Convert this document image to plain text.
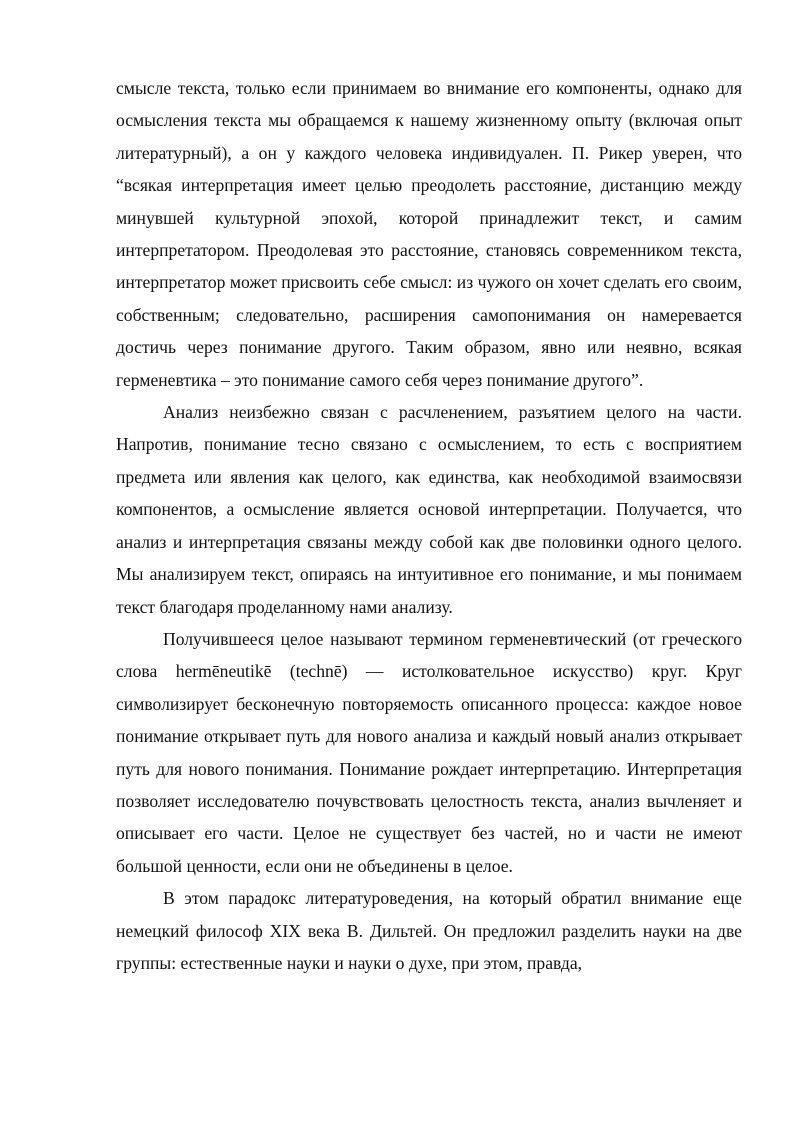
смысле текста, только если принимаем во внимание его компоненты, однако для осмысления текста мы обращаемся к нашему жизненному опыту (включая опыт литературный), а он у каждого человека индивидуален. П. Рикер уверен, что “всякая интерпретация имеет целью преодолеть расстояние, дистанцию между минувшей культурной эпохой, которой принадлежит текст, и самим интерпретатором. Преодолевая это расстояние, становясь современником текста, интерпретатор может присвоить себе смысл: из чужого он хочет сделать его своим, собственным; следовательно, расширения самопонимания он намеревается достичь через понимание другого. Таким образом, явно или неявно, всякая герменевтика – это понимание самого себя через понимание другого”.

Анализ неизбежно связан с расчленением, разъятием целого на части. Напротив, понимание тесно связано с осмыслением, то есть с восприятием предмета или явления как целого, как единства, как необходимой взаимосвязи компонентов, а осмысление является основой интерпретации. Получается, что анализ и интерпретация связаны между собой как две половинки одного целого. Мы анализируем текст, опираясь на интуитивное его понимание, и мы понимаем текст благодаря проделанному нами анализу.

Получившееся целое называют термином герменевтический (от греческого слова hermēneutikē (technē) — истолковательное искусство) круг. Круг символизирует бесконечную повторяемость описанного процесса: каждое новое понимание открывает путь для нового анализа и каждый новый анализ открывает путь для нового понимания. Понимание рождает интерпретацию. Интерпретация позволяет исследователю почувствовать целостность текста, анализ вычленяет и описывает его части. Целое не существует без частей, но и части не имеют большой ценности, если они не объединены в целое.

В этом парадокс литературоведения, на который обратил внимание еще немецкий философ XIX века В. Дильтей. Он предложил разделить науки на две группы: естественные науки и науки о духе, при этом, правда,
